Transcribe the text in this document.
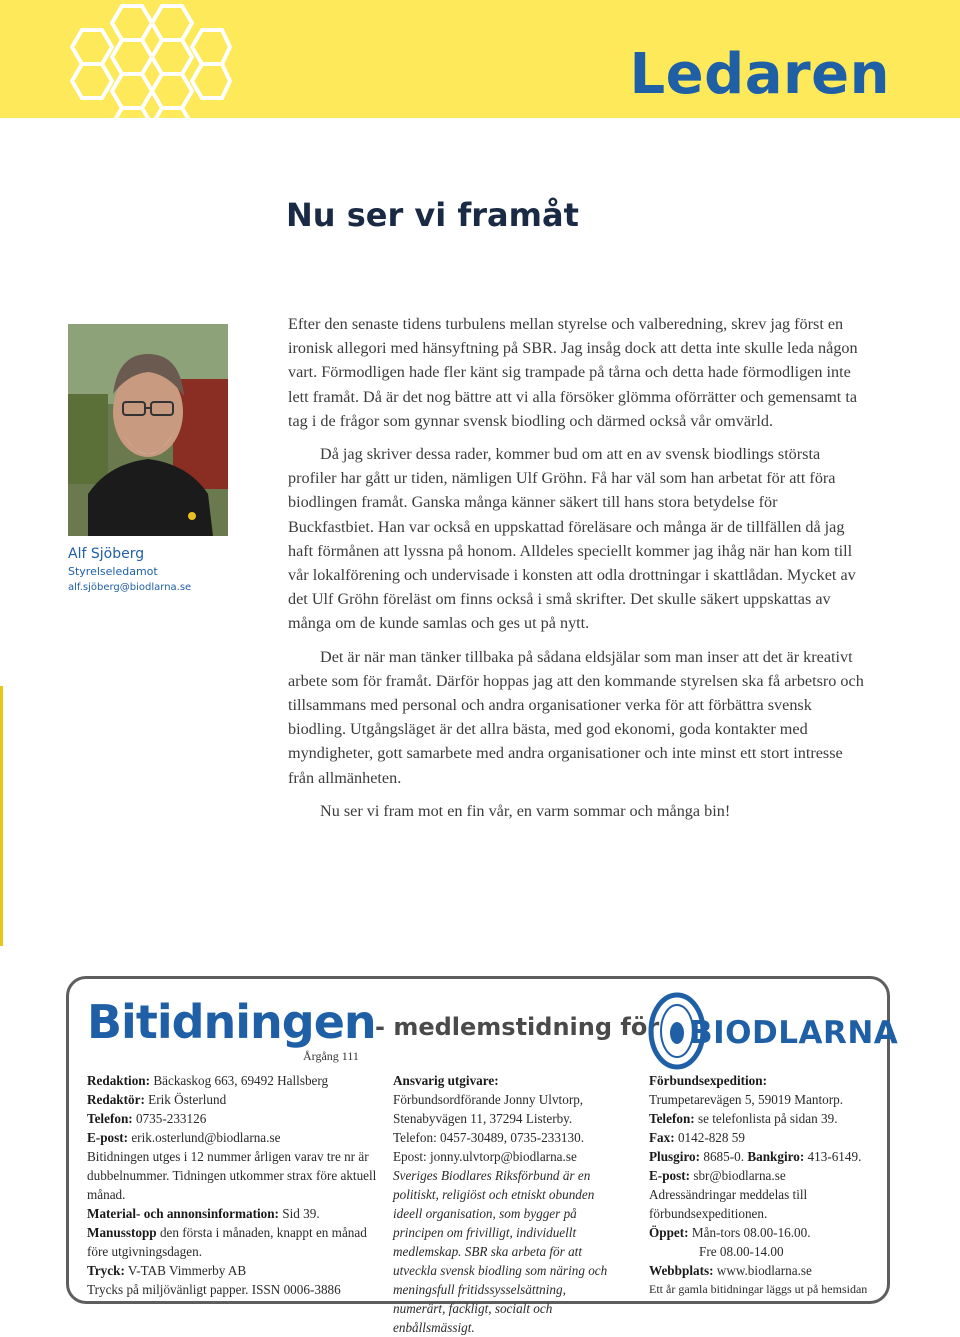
Ledaren
Nu ser vi framåt
Alf Sjöberg
Styrelseledamot
alf.sjöberg@biodlarna.se

Efter den senaste tidens turbulens mellan styrelse och valberedning, skrev jag först en ironisk allegori med hänsyftning på SBR. Jag insåg dock att detta inte skulle leda någon vart. Förmodligen hade fler känt sig trampade på tårna och detta hade förmodligen inte lett framåt. Då är det nog bättre att vi alla försöker glömma oförrätter och gemensamt ta tag i de frågor som gynnar svensk biodling och därmed också vår omvärld.

Då jag skriver dessa rader, kommer bud om att en av svensk biodlings största profiler har gått ur tiden, nämligen Ulf Gröhn. Få har väl som han arbetat för att föra biodlingen framåt. Ganska många känner säkert till hans stora betydelse för Buckfastbiet. Han var också en uppskattad föreläsare och många är de tillfällen då jag haft förmånen att lyssna på honom. Alldeles speciellt kommer jag ihåg när han kom till vår lokalförening och undervisade i konsten att odla drottningar i skattlådan. Mycket av det Ulf Gröhn föreläst om finns också i små skrifter. Det skulle säkert uppskattas av många om de kunde samlas och ges ut på nytt.

Det är när man tänker tillbaka på sådana eldsjälar som man inser att det är kreativt arbete som för framåt. Därför hoppas jag att den kommande styrelsen ska få arbetsro och tillsammans med personal och andra organisationer verka för att förbättra svensk biodling. Utgångsläget är det allra bästa, med god ekonomi, goda kontakter med myndigheter, gott samarbete med andra organisationer och inte minst ett stort intresse från allmänheten.

Nu ser vi fram mot en fin vår, en varm sommar och många bin!

Bitidningen - medlemstidning för
Årgång 111
BIODLARNA
Redaktion: Bäckaskog 663, 69492 Hallsberg
Redaktör: Erik Österlund
Telefon: 0735-233126
E-post: erik.osterlund@biodlarna.se
Bitidningen utges i 12 nummer årligen varav tre nr är dubbelnummer. Tidningen utkommer strax före aktuell månad.
Material- och annonsinformation: Sid 39.
Manusstopp den första i månaden, knappt en månad före utgivningsdagen.
Tryck: V-TAB Vimmerby AB
Trycks på miljövänligt papper. ISSN 0006-3886
Ansvarig utgivare:
Förbundsordförande Jonny Ulvtorp,
Stenabyvägen 11, 37294 Listerby.
Telefon: 0457-30489, 0735-233130.
Epost: jonny.ulvtorp@biodlarna.se
Sveriges Biodlares Riksförbund är en politiskt, religiöst och etniskt obunden ideell organisation, som bygger på principen om frivilligt, individuellt medlemskap. SBR ska arbeta för att utveckla svensk biodling som näring och meningsfull fritidssysselsättning, numerärt, fackligt, socialt och enbållsmässigt.
Förbundsexpedition:
Trumpetarevägen 5, 59019 Mantorp.
Telefon: se telefonlista på sidan 39.
Fax: 0142-828 59
Plusgiro: 8685-0. Bankgiro: 413-6149.
E-post: sbr@biodlarna.se
Adressändringar meddelas till förbundsexpeditionen.
Öppet: Mån-tors 08.00-16.00.
Fre 08.00-14.00
Webbplats: www.biodlarna.se
Ett år gamla bitidningar läggs ut på hemsidan
